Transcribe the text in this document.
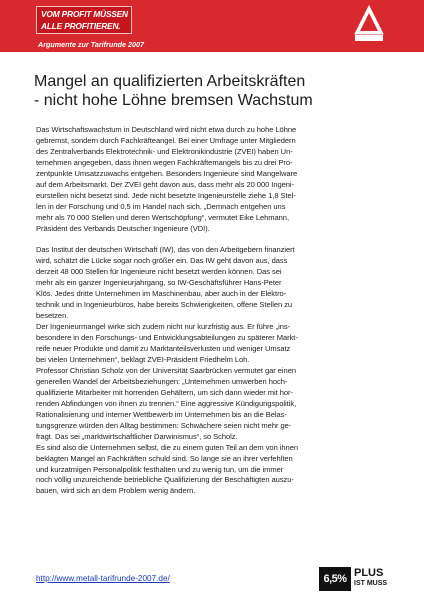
VOM PROFIT MÜSSEN
ALLE PROFITIEREN.
Argumente zur Tarifrunde 2007
Mangel an qualifizierten Arbeitskräften
- nicht hohe Löhne bremsen Wachstum
Das Wirtschaftswachstum in Deutschland wird nicht etwa durch zu hohe Löhne
gebremst, sondern durch Fachkräfteangel. Bei einer Umfrage unter Mitgliedern
des Zentralverbands Elektrotechnik- und Elektronikindustrie (ZVEI) haben Un-
ternehmen angegeben, dass ihnen wegen Fachkräftemangels bis zu drei Pro-
zentpunkte Umsatzzuwachs entgehen. Besonders Ingenieure sind Mangelware
auf dem Arbeitsmarkt. Der ZVEI geht davon aus, dass mehr als 20 000 Ingeni-
eurstellen nicht besetzt sind. Jede nicht besetzte Ingenieurstelle ziehe 1,8 Stel-
len in der Forschung und 0,5 im Handel nach sich. „Demnach entgehen uns
mehr als 70 000 Stellen und deren Wertschöpfung“, vermutet Eike Lehmann,
Präsident des Verbands Deutscher Ingenieure (VDI).
Das Institut der deutschen Wirtschaft (IW), das von den Arbeitgebern finanziert
wird, schätzt die Lücke sogar noch größer ein. Das IW geht davon aus, dass
derzeit 48 000 Stellen für Ingenieure nicht besetzt werden können. Das sei
mehr als ein ganzer Ingenieurjahrgang, so IW-Geschäftsführer Hans-Peter
Klös. Jedes dritte Unternehmen im Maschinenbau, aber auch in der Elektro-
technik und in Ingenieurbüros, habe bereits Schwierigkeiten, offene Stellen zu
besetzen.
Der Ingenieurmangel wirke sich zudem nicht nur kurzfristig aus. Er führe „ins-
besondere in den Forschungs- und Entwicklungsabteilungen zu späterer Markt-
reife neuer Produkte und damit zu Marktanteilsverlusten und weniger Umsatz
bei vielen Unternehmen“, beklagt ZVEI-Präsident Friedhelm Loh.
Professor Christian Scholz von der Universität Saarbrücken vermutet gar einen
generellen Wandel der Arbeitsbeziehungen: „Unternehmen umwerben hoch-
qualifizierte Mitarbeiter mit horrenden Gehältern, um sich dann wieder mit hor-
renden Abfindungen von ihnen zu trennen.“ Eine aggressive Kündigungspolitik,
Rationalisierung und interner Wettbewerb im Unternehmen bis an die Belas-
tungsgrenze würden den Alltag bestimmen: Schwächere seien nicht mehr ge-
fragt. Das sei „marktwirtschaftlicher Darwinismus“, so Scholz.
Es sind also die Unternehmen selbst, die zu einem guten Teil an dem von ihnen
beklagten Mangel an Fachkräften schuld sind. So lange sie an ihrer verfehlten
und kurzatmigen Personalpolitik festhalten und zu wenig tun, um die immer
noch völlig unzureichende betriebliche Qualifizierung der Beschäftigten auszu-
bauen, wird sich an dem Problem wenig ändern.
http://www.metall-tarifrunde-2007.de/	6,5% PLUS
IST MUSS
